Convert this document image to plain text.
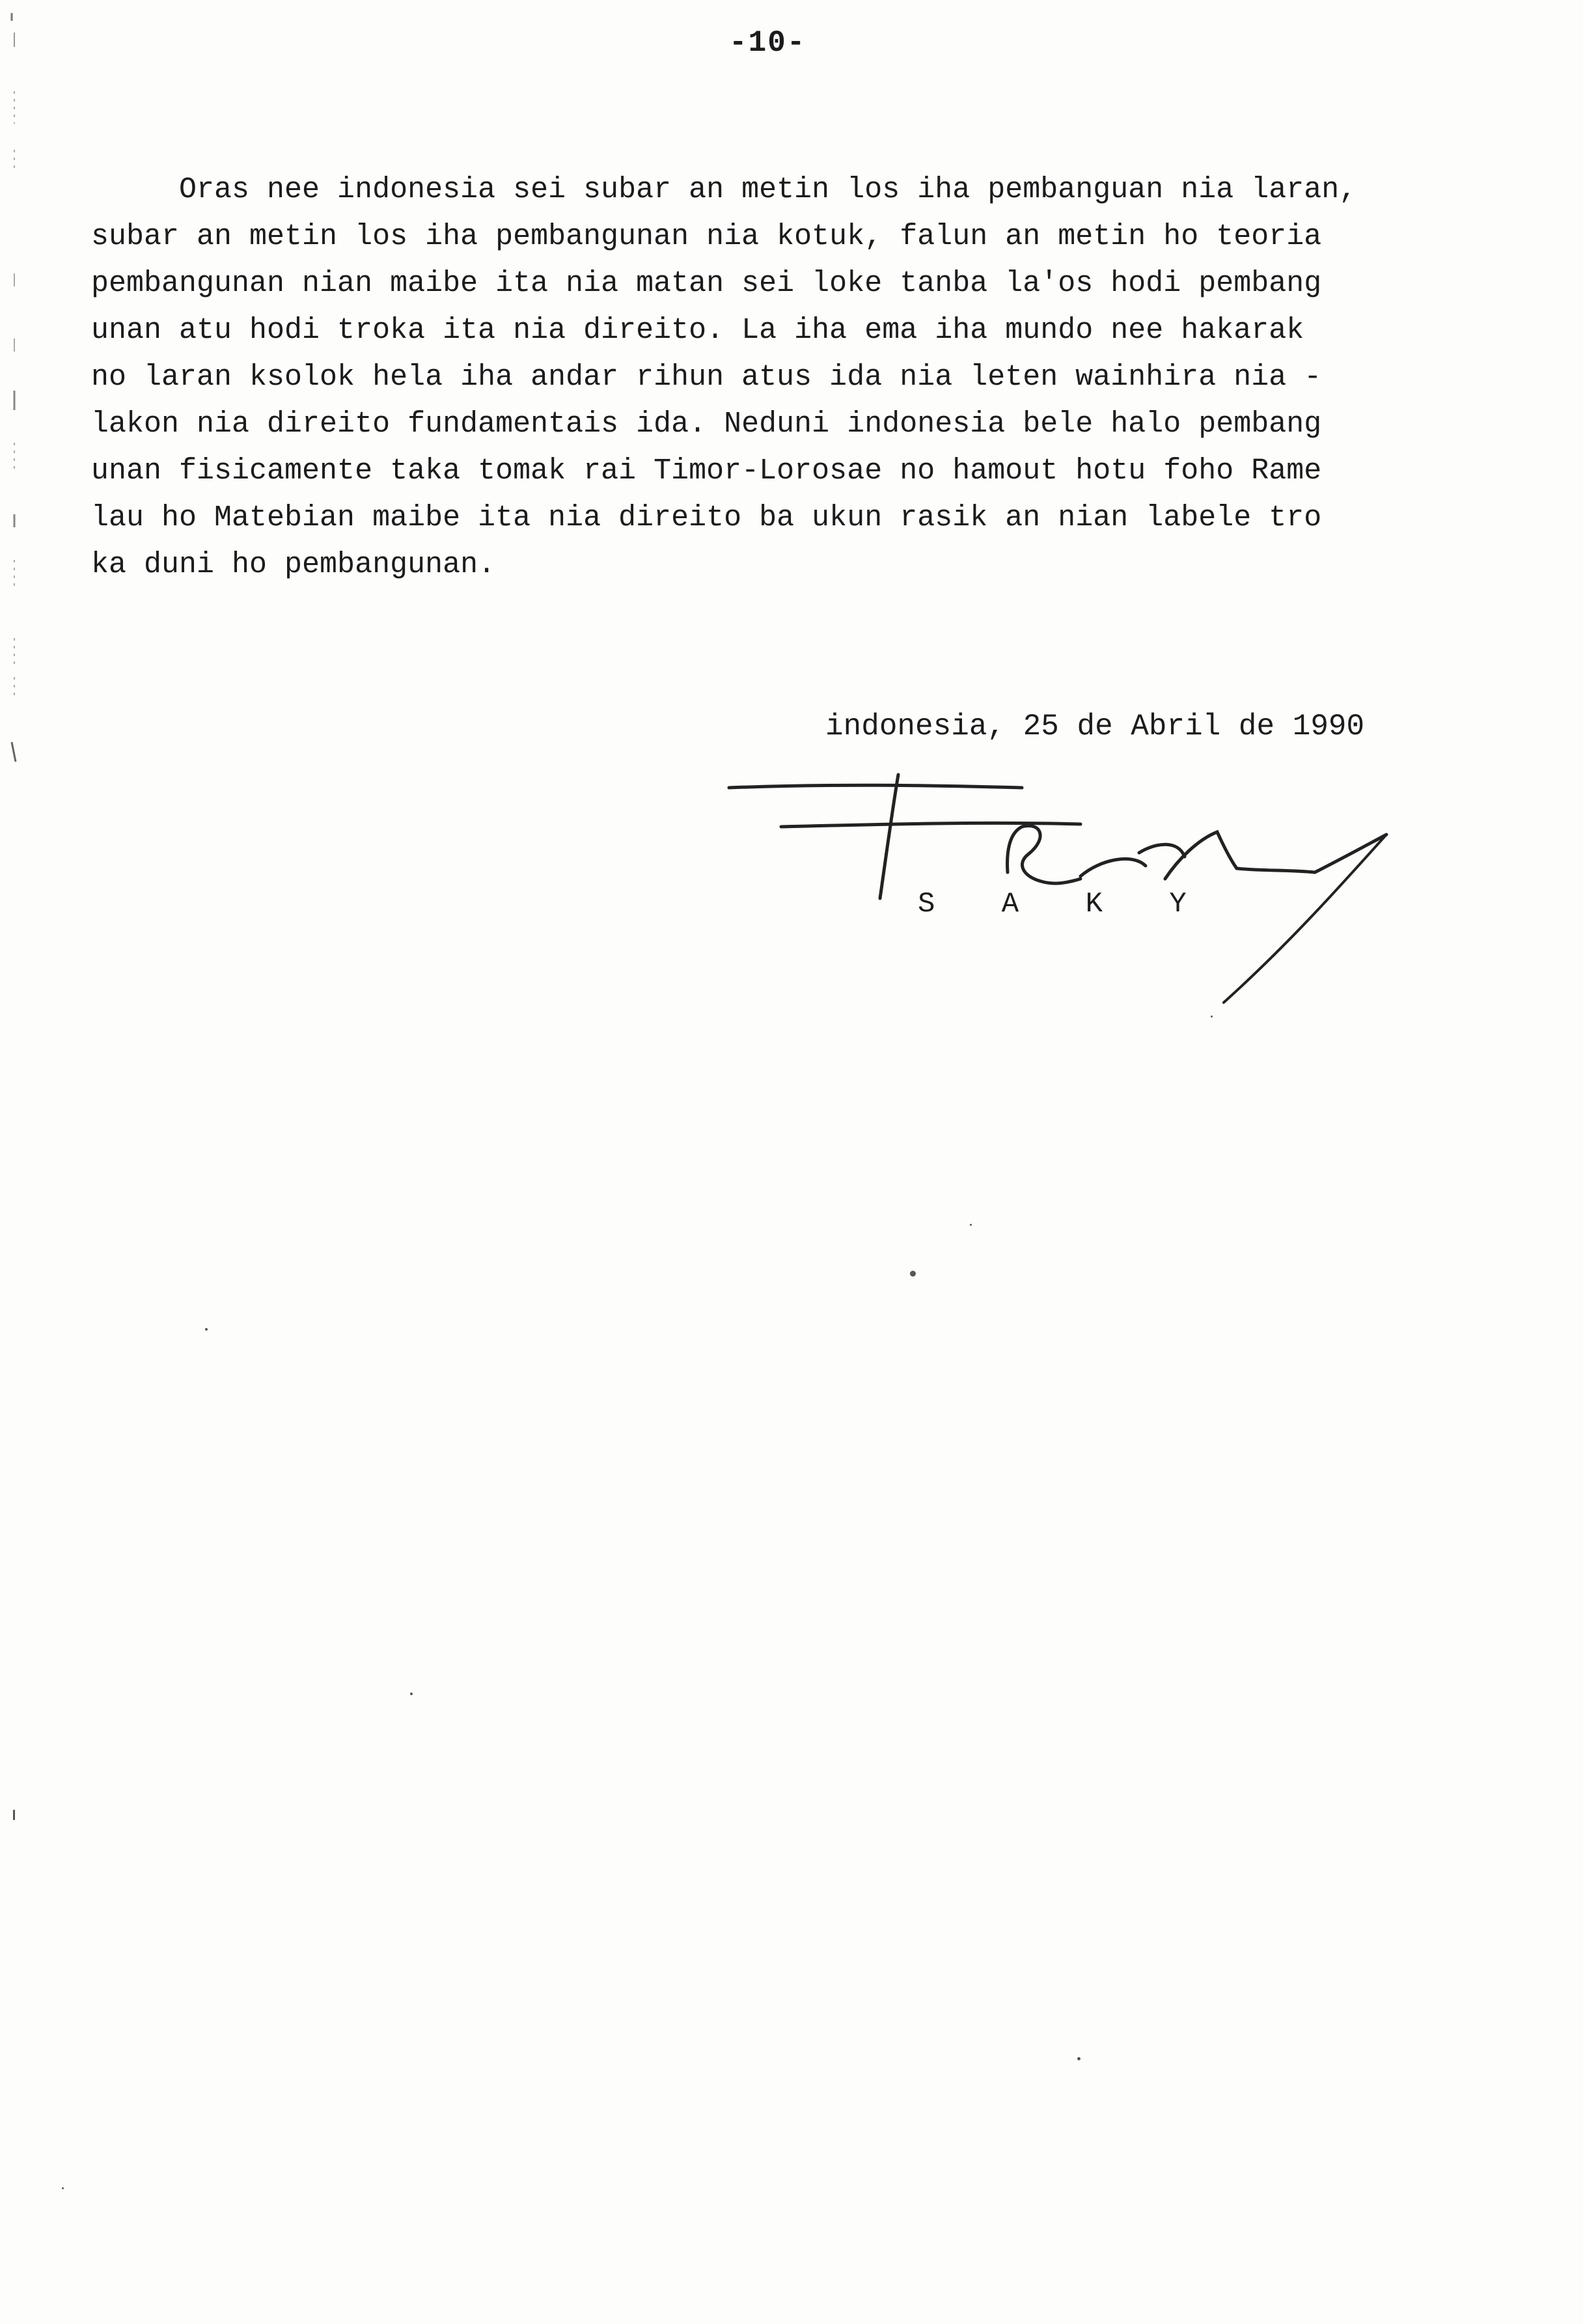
-10-
Oras nee indonesia sei subar an metin los iha pembanguan nia laran,
subar an metin los iha pembangunan nia kotuk, falun an metin ho teoria
pembangunan nian maibe ita nia matan sei loke tanba la'os hodi pembang
unan atu hodi troka ita nia direito. La iha ema iha mundo nee hakarak
no laran ksolok hela iha andar rihun atus ida nia leten wainhira nia -
lakon nia direito fundamentais ida. Neduni indonesia bele halo pembang
unan fisicamente taka tomak rai Timor-Lorosae no hamout hotu foho Rame
lau ho Matebian maibe ita nia direito ba ukun rasik an nian labele tro
ka duni ho pembangunan.
indonesia, 25 de Abril de 1990
S A K Y
